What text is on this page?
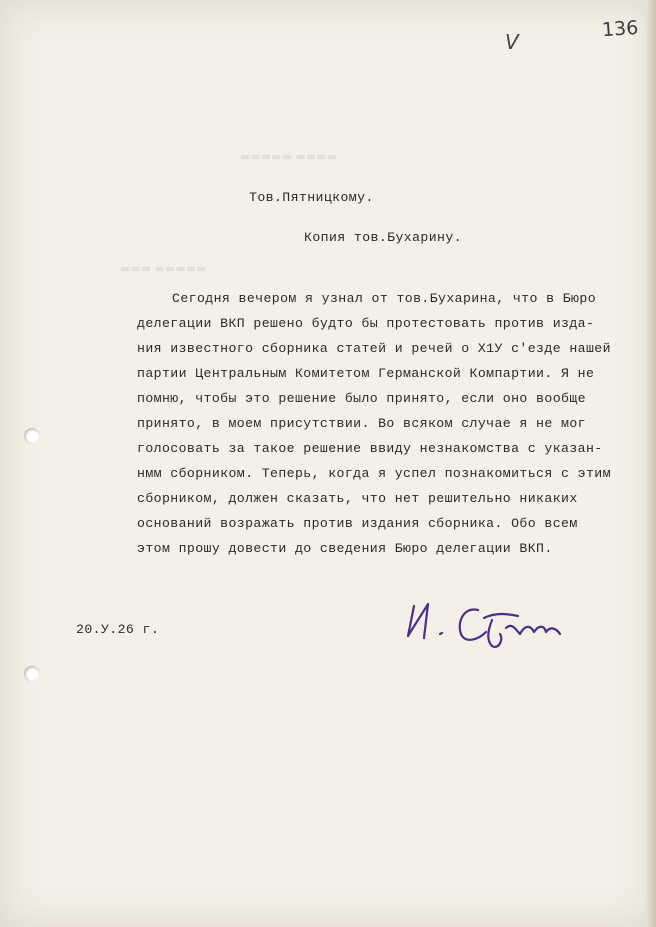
▬▬▬▬▬ ▬▬▬▬
▬▬▬ ▬▬▬▬▬
136
V
Тов.Пятницкому.
Копия тов.Бухарину.
Сегодня вечером я узнал от тов.Бухарина, что в Бюро
делегации ВКП решено будто бы протестовать против изда-
ния известного сборника статей и речей о Х1У с'езде нашей
партии Центральным Комитетом Германской Компартии. Я не
помню, чтобы это решение было принято, если оно вообще
принято, в моем присутствии. Во всяком случае я не мог
голосовать за такое решение ввиду незнакомства с указан-
нмм сборником. Теперь, когда я успел познакомиться с этим
сборником, должен сказать, что нет решительно никаких
оснований возражать против издания сборника. Обо всем
этом прошу довести до сведения Бюро делегации ВКП.
20.У.26 г.
